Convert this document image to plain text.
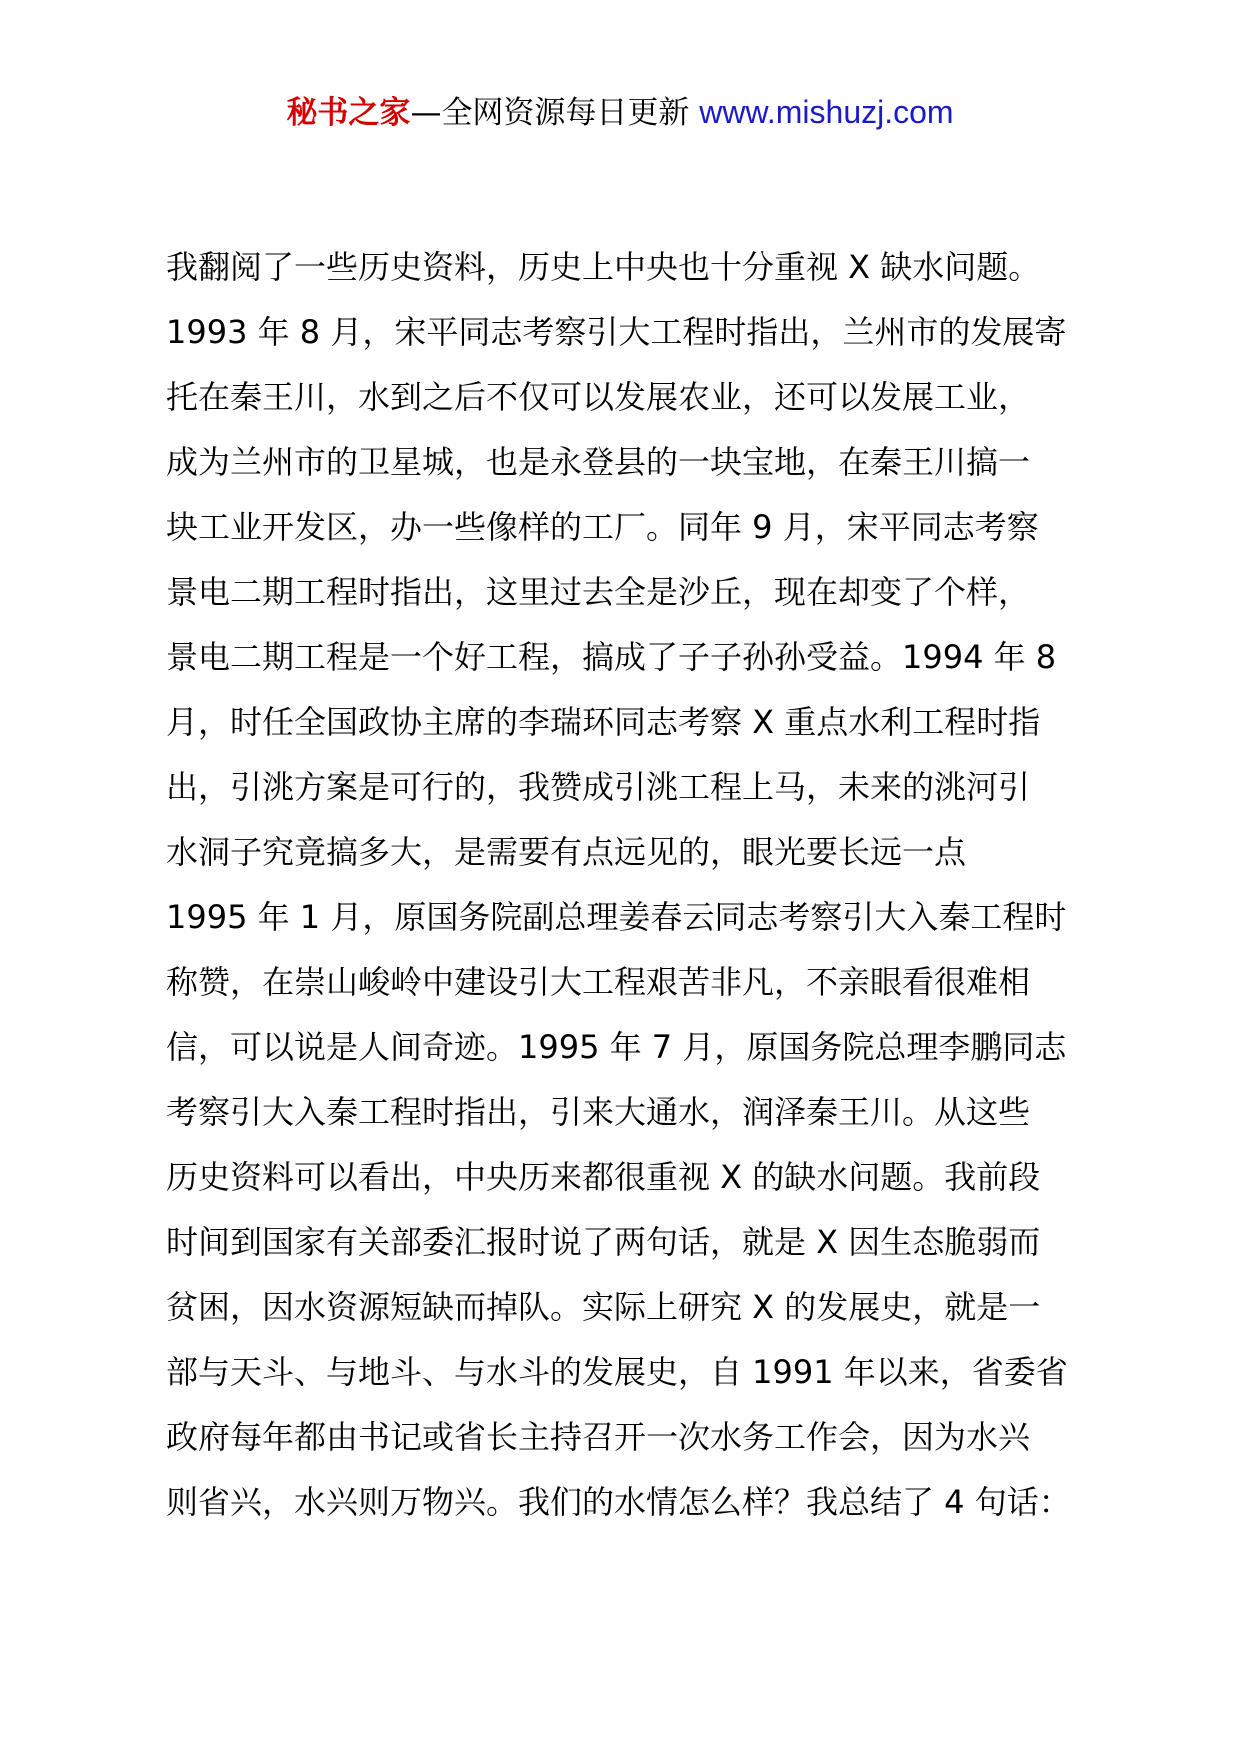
秘书之家—全网资源每日更新 www.mishuzj.com
我翻阅了一些历史资料，历史上中央也十分重视 X 缺水问题。
1993 年 8 月，宋平同志考察引大工程时指出，兰州市的发展寄
托在秦王川，水到之后不仅可以发展农业，还可以发展工业，
成为兰州市的卫星城，也是永登县的一块宝地，在秦王川搞一
块工业开发区，办一些像样的工厂。同年 9 月，宋平同志考察
景电二期工程时指出，这里过去全是沙丘，现在却变了个样，
景电二期工程是一个好工程，搞成了子子孙孙受益。1994 年 8
月，时任全国政协主席的李瑞环同志考察 X 重点水利工程时指
出，引洮方案是可行的，我赞成引洮工程上马，未来的洮河引
水洞子究竟搞多大，是需要有点远见的，眼光要长远一点
1995 年 1 月，原国务院副总理姜春云同志考察引大入秦工程时
称赞，在崇山峻岭中建设引大工程艰苦非凡，不亲眼看很难相
信，可以说是人间奇迹。1995 年 7 月，原国务院总理李鹏同志
考察引大入秦工程时指出，引来大通水，润泽秦王川。从这些
历史资料可以看出，中央历来都很重视 X 的缺水问题。我前段
时间到国家有关部委汇报时说了两句话，就是 X 因生态脆弱而
贫困，因水资源短缺而掉队。实际上研究 X 的发展史，就是一
部与天斗、与地斗、与水斗的发展史，自 1991 年以来，省委省
政府每年都由书记或省长主持召开一次水务工作会，因为水兴
则省兴，水兴则万物兴。我们的水情怎么样？我总结了 4 句话：
